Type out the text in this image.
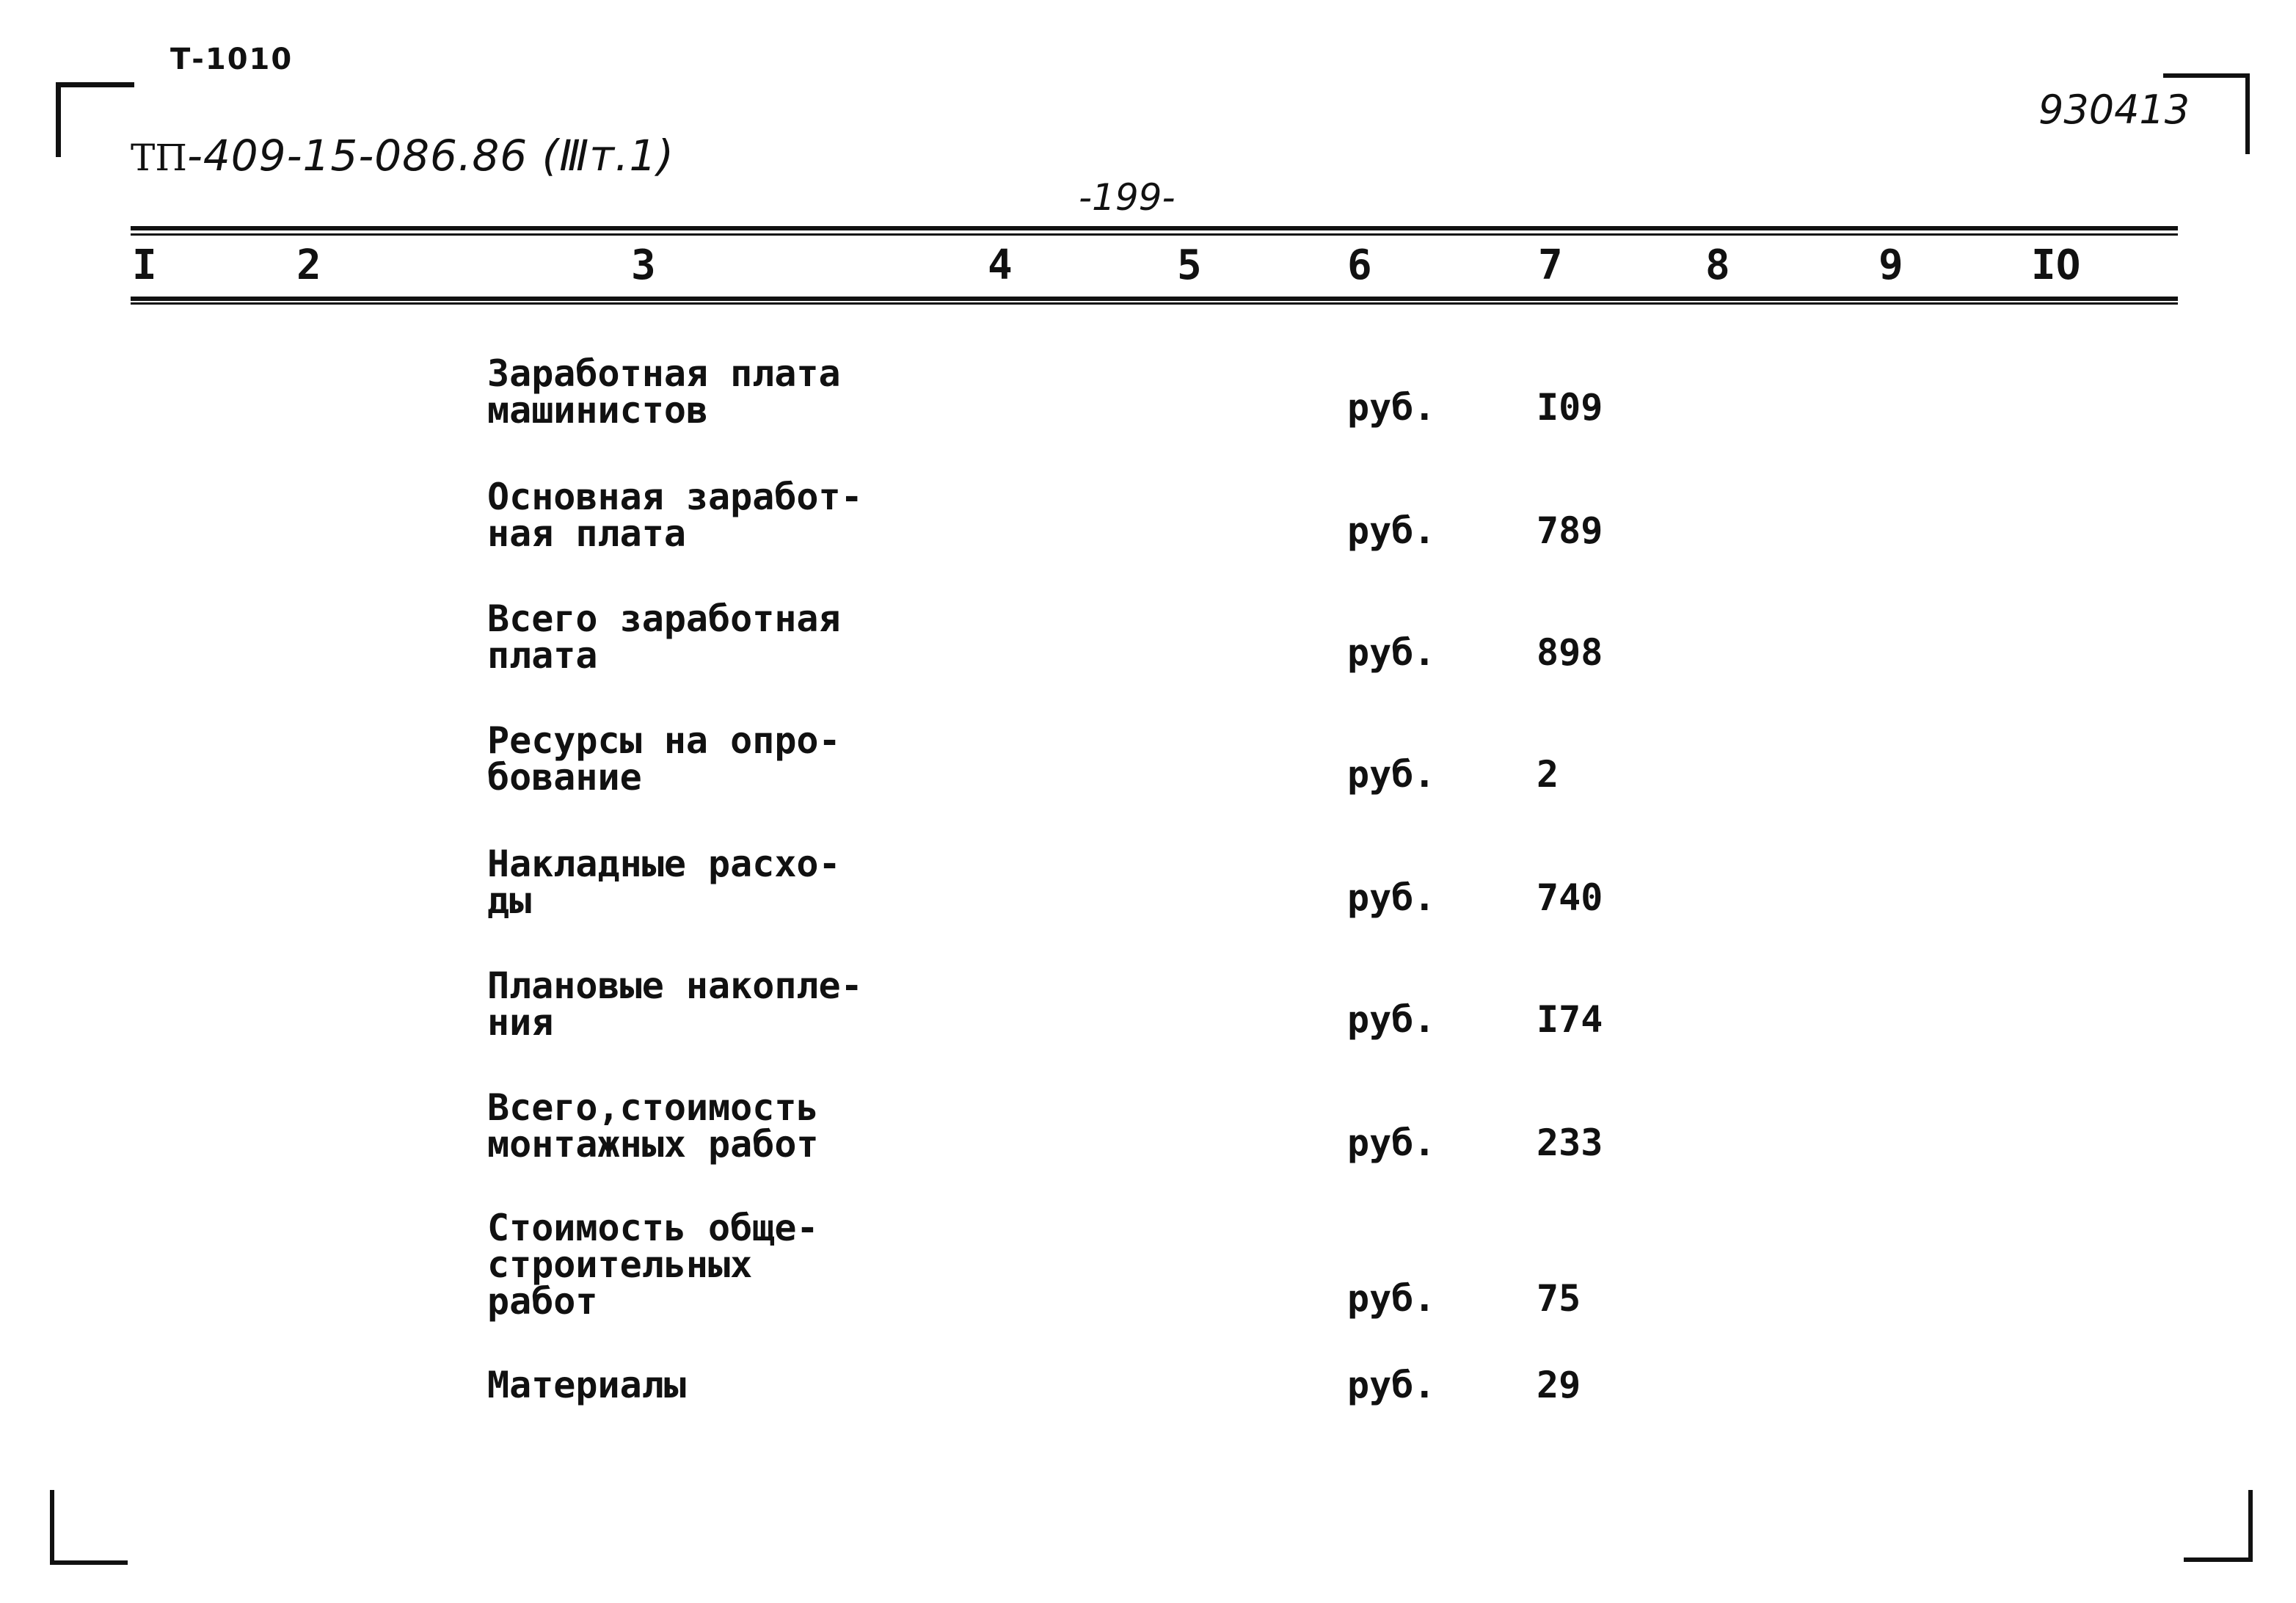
Т-1010
ТП-409-15-086.86 (Ⅲт.1)
-199-
930413
I	2	3	4	5	6	7	8	9	IO
Заработная плата
машинистов	руб.	I09
Основная заработ-
ная плата	руб.	789
Всего заработная
плата	руб.	898
Ресурсы на опро-
бование	руб.	2
Накладные расхо-
ды	руб.	740
Плановые накопле-
ния	руб.	I74
Всего,стоимость
монтажных работ	руб.	233
Стоимость обще-
строительных
работ	руб.	75
Материалы	руб.	29
